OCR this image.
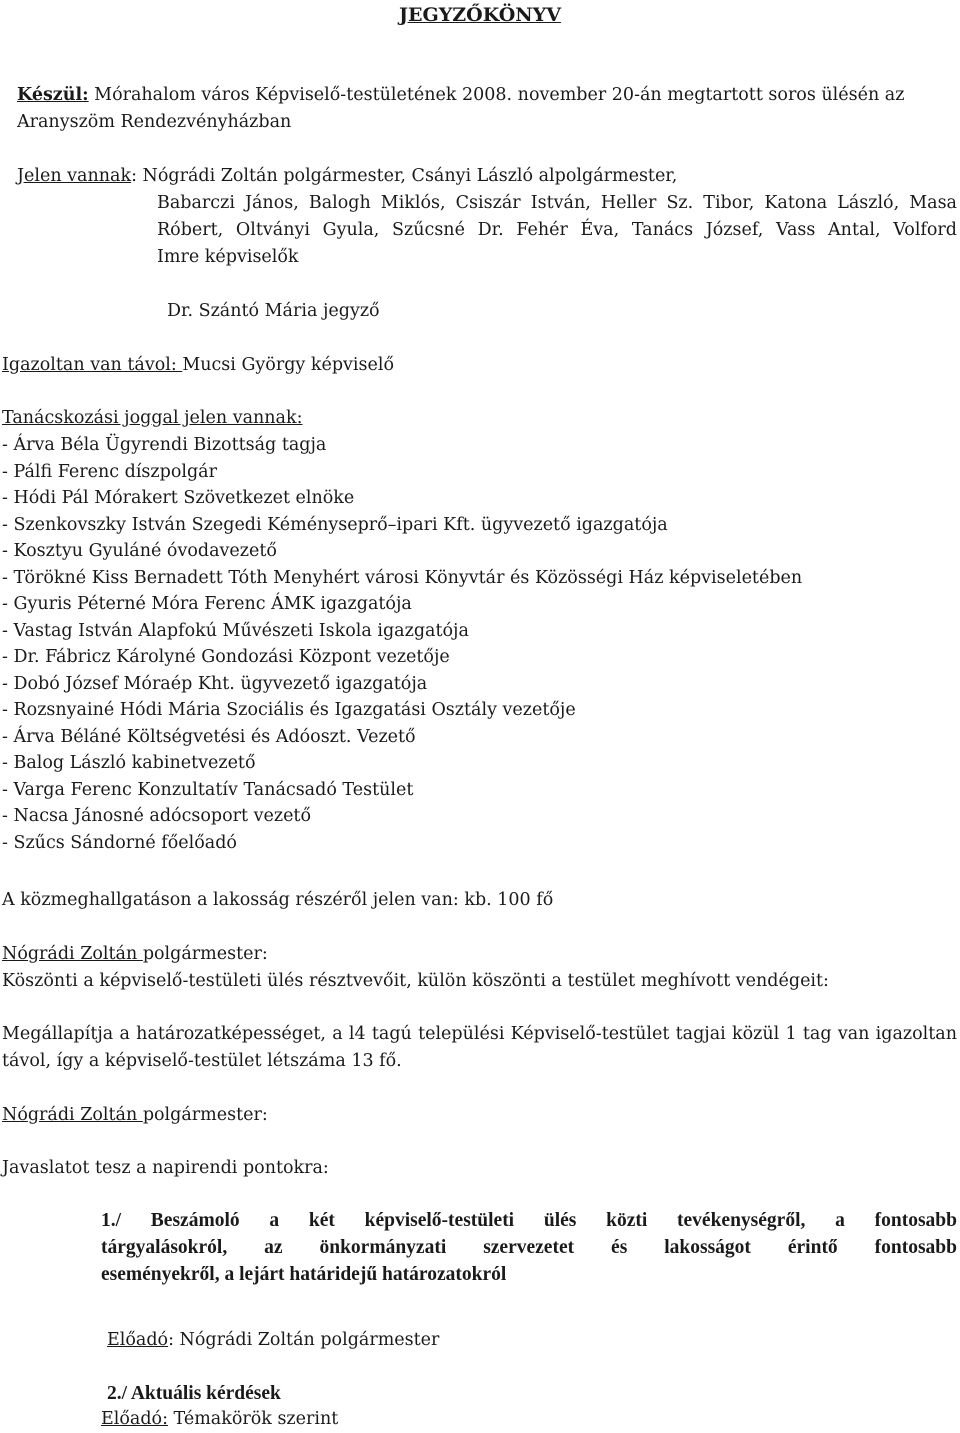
JEGYZŐKÖNYV
Készül: Mórahalom város Képviselő-testületének 2008. november 20-án megtartott soros ülésén az
Aranyszöm Rendezvényházban
Jelen vannak: Nógrádi Zoltán polgármester, Csányi László alpolgármester,
Babarczi János, Balogh Miklós, Csiszár István, Heller Sz. Tibor, Katona László, Masa
Róbert, Oltványi Gyula, Szűcsné Dr. Fehér Éva, Tanács József, Vass Antal, Volford
Imre képviselők
Dr. Szántó Mária jegyző
Igazoltan van távol: Mucsi György képviselő
Tanácskozási joggal jelen vannak:
- Árva Béla Ügyrendi Bizottság tagja
- Pálfi Ferenc díszpolgár
- Hódi Pál Mórakert Szövetkezet elnöke
- Szenkovszky István Szegedi Kéményseprő–ipari Kft. ügyvezető igazgatója
- Kosztyu Gyuláné óvodavezető
- Törökné Kiss Bernadett Tóth Menyhért városi Könyvtár és Közösségi Ház képviseletében
- Gyuris Péterné Móra Ferenc ÁMK igazgatója
- Vastag István Alapfokú Művészeti Iskola igazgatója
- Dr. Fábricz Károlyné Gondozási Központ vezetője
- Dobó József Móraép Kht. ügyvezető igazgatója
- Rozsnyainé Hódi Mária Szociális és Igazgatási Osztály vezetője
- Árva Béláné Költségvetési és Adóoszt. Vezető
- Balog László kabinetvezető
- Varga Ferenc Konzultatív Tanácsadó Testület
- Nacsa Jánosné adócsoport vezető
- Szűcs Sándorné főelőadó
A közmeghallgatáson a lakosság részéről jelen van: kb. 100 fő
Nógrádi Zoltán polgármester:
Köszönti a képviselő-testületi ülés résztvevőit, külön köszönti a testület meghívott vendégeit:
Megállapítja a határozatképességet, a l4 tagú települési Képviselő-testület tagjai közül 1 tag van igazoltan
távol, így a képviselő-testület létszáma 13 fő.
Nógrádi Zoltán polgármester:
Javaslatot tesz a napirendi pontokra:
1./ Beszámoló a két képviselő-testületi ülés közti tevékenységről, a fontosabb
tárgyalásokról, az önkormányzati szervezetet és lakosságot érintő fontosabb
eseményekről, a lejárt határidejű határozatokról
Előadó: Nógrádi Zoltán polgármester
2./ Aktuális kérdések
Előadó: Témakörök szerint
